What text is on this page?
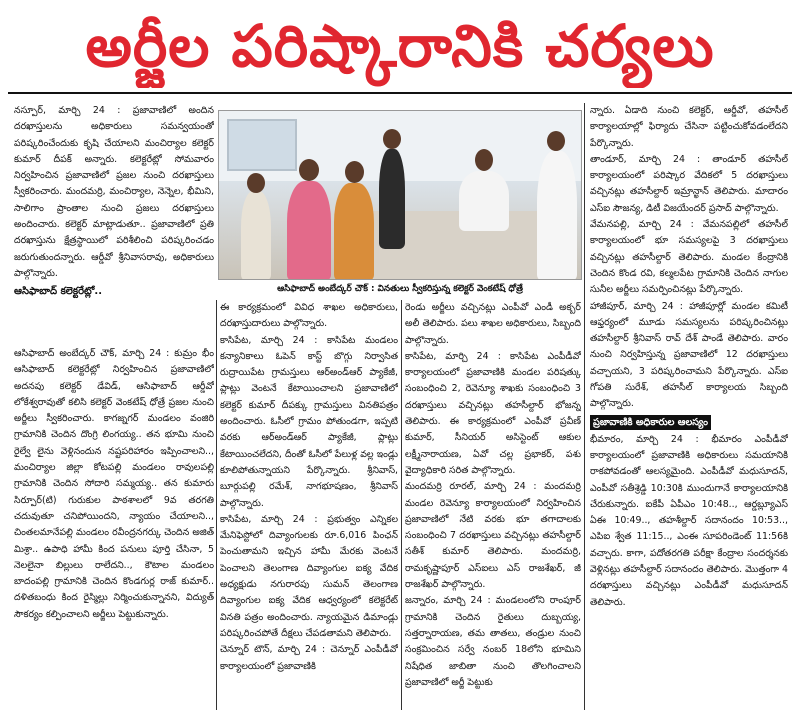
అర్జీల పరిష్కారానికి చర్యలు

నస్పూర్, మార్చి 24 : ప్రజావాణిలో అందిన దరఖాస్తులను అధికారులు సమన్వయంతో పరిష్కరించేందుకు కృషి చేయాలని మంచిర్యాల కలెక్టర్ కుమార్ దీపక్ అన్నారు. కలెక్టరేట్లో సోమవారం నిర్వహించిన ప్రజావాణిలో ప్రజల నుంచి దరఖాస్తులు స్వీకరించారు. మందమర్రి, మంచిర్యాల, నెన్నెల, భీమిని, సాలిగాం ప్రాంతాల నుంచి ప్రజలు దరఖాస్తులు అందించారు. కలెక్టర్ మాట్లాడుతూ.. ప్రజావాణిలో ప్రతి దరఖాస్తును క్షేత్రస్థాయిలో పరిశీలించి పరిష్కరించడం జరుగుతుందన్నారు. ఆర్డీవో శ్రీనివాసరావు, అధికారులు పాల్గొన్నారు.

ఆసిఫాబాద్ కలెక్టరేట్లో..	ఆసిఫాబాద్ అంబేద్కర్ చౌక్ : వినతులు స్వీకరిస్తున్న కలెక్టర్ వెంకటేష్ ధోత్రే

ఆసిఫాబాద్ అంబేద్కర్ చౌక్, మార్చి 24 : కుమ్రం భీం ఆసిఫాబాద్ కలెక్టరేట్లో నిర్వహించిన ప్రజావాణిలో అదనపు కలెక్టర్ డేవిడ్, ఆసిఫాబాద్ ఆర్డీవో లోకేశ్వరావుతో కలిసి కలెక్టర్ వెంకటేష్ ధోత్రే ప్రజల నుంచి అర్జీలు స్వీకరించారు. కాగజ్నగర్ మండలం వంజిరి గ్రామానికి చెందిన దొంగ్రి లింగయ్య.. తన భూమి నుంచి రైల్వే లైను వెళ్లినందున నష్టపరిహారం ఇప్పించాలని.., మంచిర్యాల జిల్లా కోటపల్లి మండలం రావులపల్లి గ్రామానికి చెందిన సోదారి సమ్మయ్య.. తన కుమారు సిర్పూర్(టి) గురుకుల పాఠశాలలో 9వ తరగతి చదువుతూ చనిపోయిందని, న్యాయం చేయాలని.., చింతలమానేపల్లి మండలం రవీంద్రనగర్కు చెందిన అజిత్ మిశ్రా.. ఉపాధి హామీ కింద పనులు పూర్తి చేసినా, 5 నెలలైనా బిల్లులు రాలేదని.., కౌటాల మండలం బాదంపల్లి గ్రామానికి చెందిన కొండగుర్ల రాజ్ కుమార్.. దళితబంధు కింద రైస్మిల్లు నిర్మించుకున్నానని, విద్యుత్ సౌకర్యం కల్పించాలని అర్జీలు పెట్టుకున్నారు.

ఈ కార్యక్రమంలో వివిధ శాఖల అధికారులు, దరఖాస్తుదారులు పాల్గొన్నారు.

కాసిపేట, మార్చి 24 : కాసిపేట మండలం కన్యానికాలు ఓపెన్ కాస్ట్ బొగ్గు నిర్వాసిత రుద్రాయిపేట గ్రామస్తులు ఆర్అండ్ఆర్ ప్యాకేజీ, ప్లాట్లు వెంటనే కేటాయించాలని ప్రజావాణిలో కలెక్టర్ కుమార్ దీపక్కు గ్రామస్తులు వినతిపత్రం అందించారు. ఓసీలో గ్రామం పోతుండగా, ఇప్పటి వరకు ఆర్అండ్ఆర్ ప్యాకేజీ, ప్లాట్లు కేటాయించలేదని, దీంతో ఓసీలో పేలుళ్ల వల్ల ఇండ్లు కూలిపోతున్నాయని పేర్కొన్నారు. శ్రీనివాస్, బూర్గుపల్లి రమేశ్, నాగభూషణం, శ్రీనివాస్ పాల్గొన్నారు.

కాసిపేట, మార్చి 24 : ప్రభుత్వం ఎన్నికల మేనిఫెస్టోలో దివ్యాంగులకు రూ.6,016 పింఛన్ పెంచుతామని ఇచ్చిన హామీ మేరకు వెంటనే పెంచాలని తెలంగాణ దివ్యాంగుల ఐక్య వేదిక అధ్యక్షుడు నగురారపు సుమన్ తెలంగాణ దివ్యాంగుల ఐక్య వేదిక ఆధ్వర్యంలో కలెక్టరేట్ వినతి పత్రం అందించారు. న్యాయమైన డిమాండ్లు పరిష్కరించపోతే దీక్షలు చేపడతామని తెలిపారు.

చెన్నూర్ టౌన్, మార్చి 24 : చెన్నూర్ ఎంపీడీవో కార్యాలయంలో ప్రజావాణికి

రెండు అర్జీలు వచ్చినట్లు ఎంపీవో ఎండీ అక్బర్ అలీ తెలిపారు. పలు శాఖల అధికారులు, సిబ్బంది పాల్గొన్నారు.

కాసిపేట, మార్చి 24 : కాసిపేట ఎంపీడీవో కార్యాలయంలో ప్రజావాణికి మండల పరిషత్కు సంబంధించి 2, రెవెన్యూ శాఖకు సంబంధించి 3 దరఖాస్తులు వచ్చినట్లు తహసీల్దార్ భోజన్న తెలిపారు. ఈ కార్యక్రమంలో ఎంపీవో ప్రవీణ్ కుమార్, సీనియర్ అసిస్టెంట్ ఆకుల లక్ష్మీనారాయణ, ఏవో చల్ల ప్రభాకర్, పశు వైద్యాధికారి సరిత పాల్గొన్నారు.

మందమర్రి రూరల్, మార్చి 24 : మందమర్రి మండల రెవెన్యూ కార్యాలయంలో నిర్వహించిన ప్రజావాణిలో నేటి వరకు భూ తగాదాలకు సంబంధించి 7 దరఖాస్తులు వచ్చినట్లు తహసీల్దార్ సతీశ్ కుమార్ తెలిపారు. మందమర్రి, రామకృష్ణాపూర్ ఎస్ఐలు ఎస్ రాజశేఖర్, జీ రాజశేఖర్ పాల్గొన్నారు.

జన్నారం, మార్చి 24 : మండలంలోని రాంపూర్ గ్రామానికి చెందిన రైతులు దుబ్బయ్య, సత్తర్నారాయణ, తమ తాతలు, తండ్రుల నుంచి సంక్రమించిన సర్వే నంబర్ 18లోని భూమిని నిషేధిత జాబితా నుంచి తొలగించాలని ప్రజావాణిలో అర్జీ పెట్టుకు

న్నారు. ఏడాది నుంచి కలెక్టర్, ఆర్డీవో, తహసీల్ కార్యాలయాల్లో ఫిర్యాదు చేసినా పట్టించుకోవడంలేదని పేర్కొన్నారు.

తాండూర్, మార్చి 24 : తాండూర్ తహసీల్ కార్యాలయంలో పరిష్కార వేదికలో 5 దరఖాస్తులు వచ్చినట్లు తహసీల్దార్ ఇమ్రాన్ఖాన్ తెలిపారు. మాదారం ఎస్ఐ సౌజన్య, డిటీ విజయేందర్ ప్రసాద్ పాల్గొన్నారు.

వేమనపల్లి, మార్చి 24 : వేమనపల్లిలో తహసీల్ కార్యాలయంలో భూ సమస్యలపై 3 దరఖాస్తులు వచ్చినట్లు తహసీల్దార్ తెలిపారు. మండల కేంద్రానికి చెందిన కొండ రవి, కల్మలపేట గ్రామానికి చెందిన నాగుల సునీల అర్జీలు సమర్పించినట్లు పేర్కొన్నారు.

హాజీపూర్, మార్చి 24 : హాజీపూర్లో మండల కమిటీ ఆఫ్తర్యంలో మూడు సమస్యలను పరిష్కరించినట్లు తహసీల్దార్ శ్రీనివాస్ రావ్ దేశ్ పాండే తెలిపారు. వారం నుంచి నిర్వహిస్తున్న ప్రజావాణిలో 12 దరఖాస్తులు వచ్చాయని, 3 పరిష్కరించామని పేర్కొన్నారు. ఎస్ఐ గోపతి సురేశ్, తహసీల్ కార్యాలయ సిబ్బంది పాల్గొన్నారు.

ప్రజావాణికి అధికారుల ఆలస్యం

భీమారం, మార్చి 24 : భీమారం ఎంపీడీవో కార్యాలయంలో ప్రజావాణికి అధికారులు సమయానికి రాకపోవడంతో ఆలస్యమైంది. ఎంపీడీవో మధుసూదన్, ఎంపీవో సతీశ్రెడ్డి 10:30కి ముందుగానే కార్యాలయానికి చేరుకున్నారు. ఐకేపీ ఏపీఎం 10:48.., ఆర్డబ్ల్యూఎస్ ఏఈ 10:49.., తహశీల్దార్ సదానందం 10:53.., ఎపిఐ శ్వేత 11:15.., ఎంఈ సూపరిండెంట్ 11:56కి వచ్చారు. కాగా, పదోతరగతి పరీక్షా కేంద్రాల సందర్శనకు వెళ్లినట్లు తహసీల్దార్ సదానందం తెలిపారు. మొత్తంగా 4 దరఖాస్తులు వచ్చినట్లు ఎంపీడీవో మధుసూదన్ తెలిపారు.
